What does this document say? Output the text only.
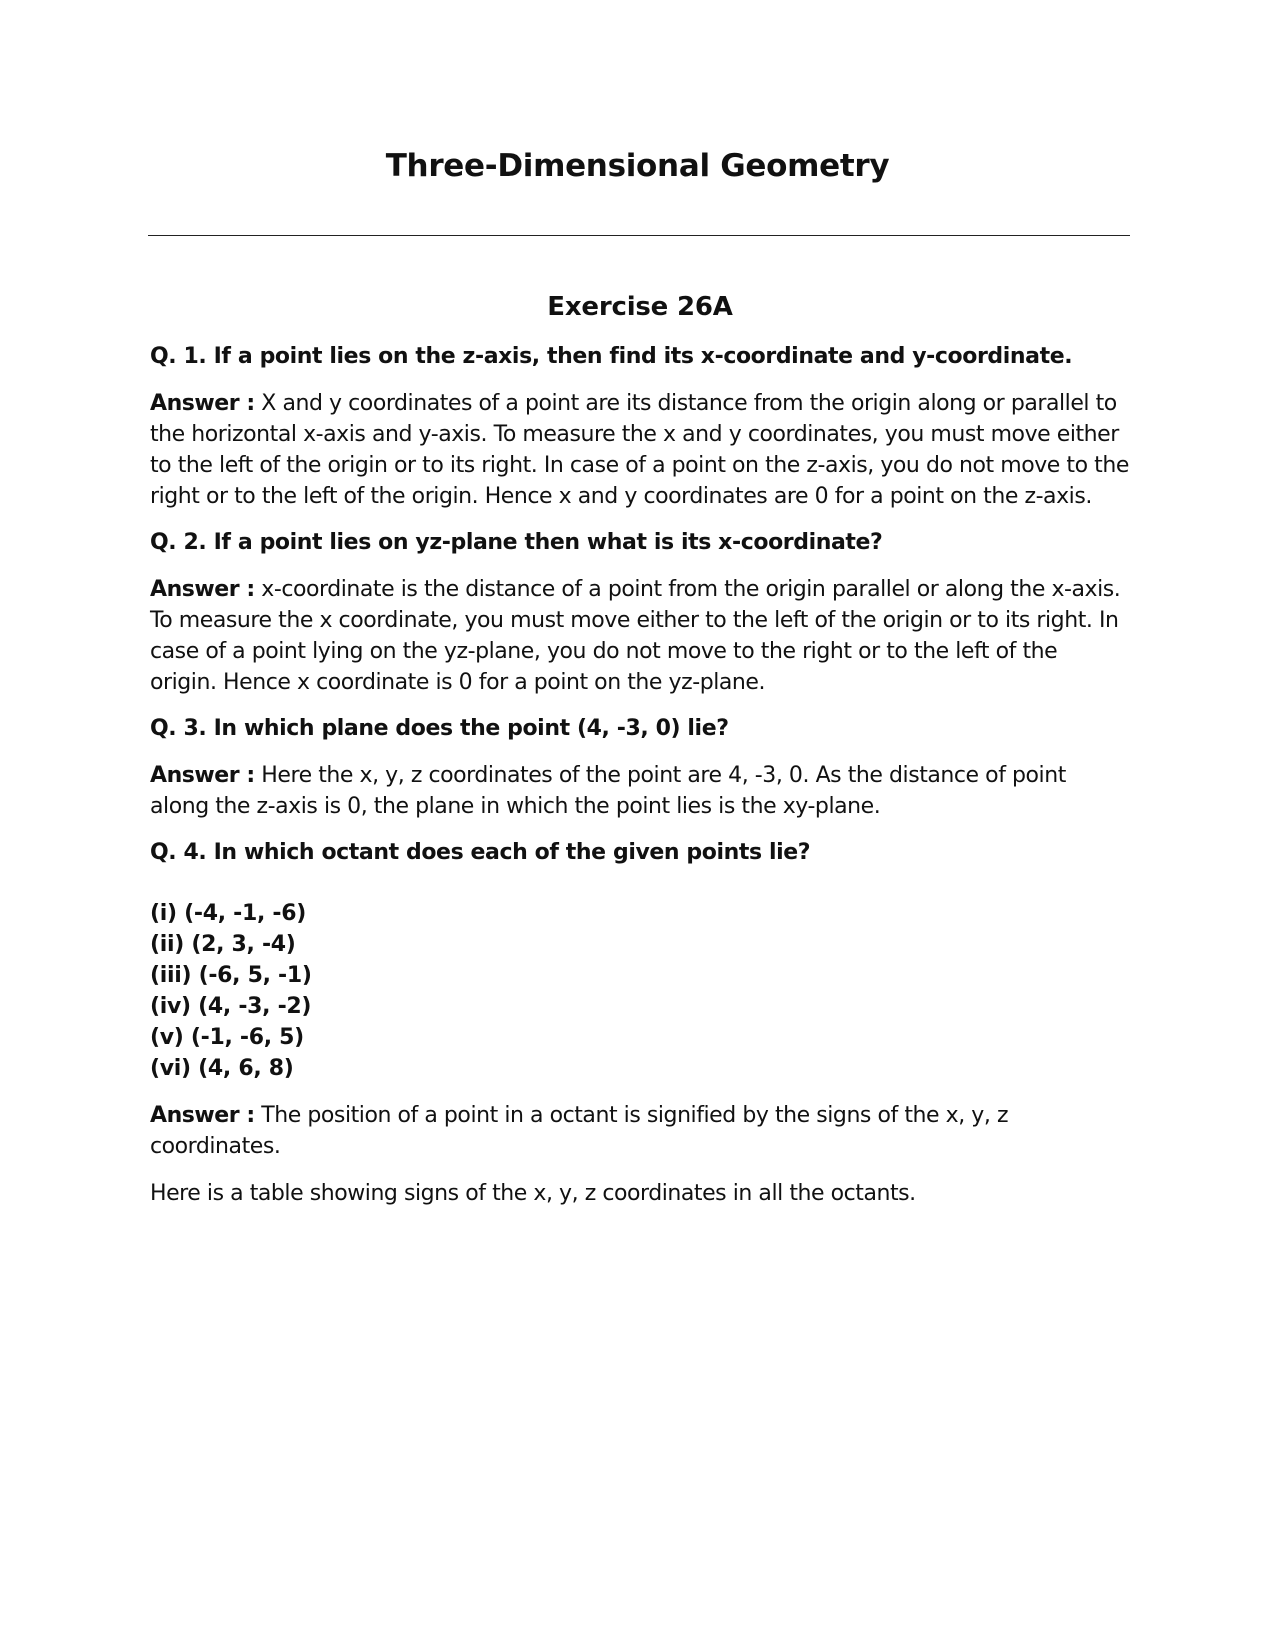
Three-Dimensional Geometry
Exercise 26A

Q. 1. If a point lies on the z-axis, then find its x-coordinate and y-coordinate.

Answer : X and y coordinates of a point are its distance from the origin along or parallel to the horizontal x-axis and y-axis. To measure the x and y coordinates, you must move either to the left of the origin or to its right. In case of a point on the z-axis, you do not move to the right or to the left of the origin. Hence x and y coordinates are 0 for a point on the z-axis.

Q. 2. If a point lies on yz-plane then what is its x-coordinate?

Answer : x-coordinate is the distance of a point from the origin parallel or along the x-axis. To measure the x coordinate, you must move either to the left of the origin or to its right. In case of a point lying on the yz-plane, you do not move to the right or to the left of the origin. Hence x coordinate is 0 for a point on the yz-plane.

Q. 3. In which plane does the point (4, -3, 0) lie?

Answer : Here the x, y, z coordinates of the point are 4, -3, 0. As the distance of point along the z-axis is 0, the plane in which the point lies is the xy-plane.

Q. 4. In which octant does each of the given points lie?

(i) (-4, -1, -6)
(ii) (2, 3, -4)
(iii) (-6, 5, -1)
(iv) (4, -3, -2)
(v) (-1, -6, 5)
(vi) (4, 6, 8)

Answer : The position of a point in a octant is signified by the signs of the x, y, z coordinates.

Here is a table showing signs of the x, y, z coordinates in all the octants.
